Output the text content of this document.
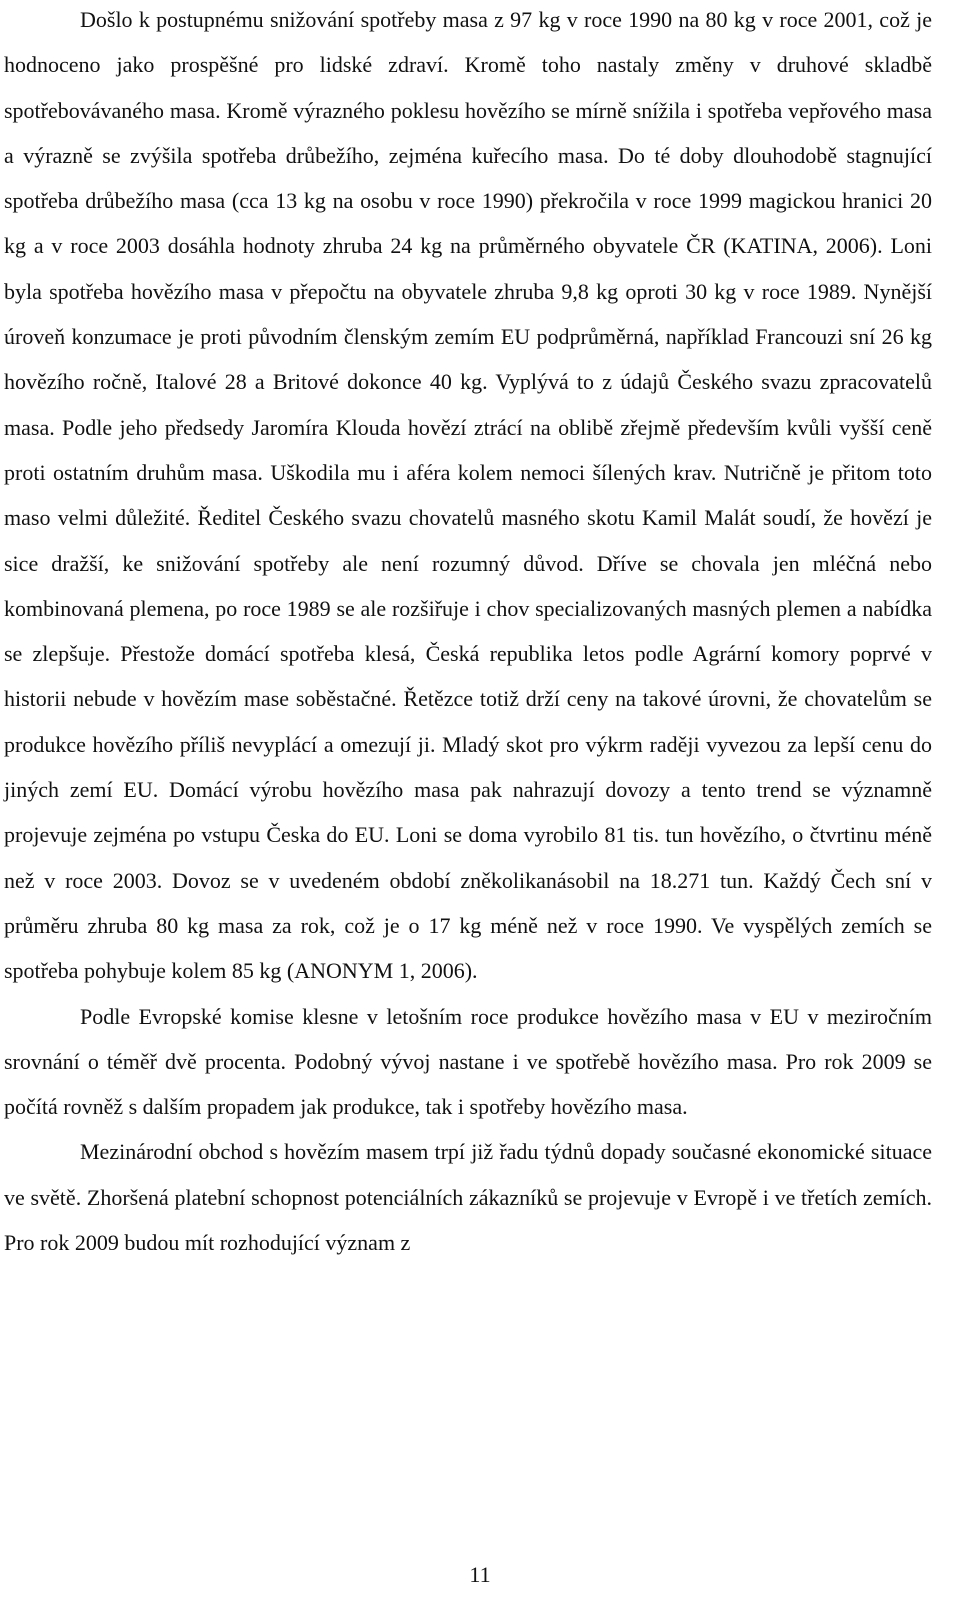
Došlo k postupnému snižování spotřeby masa z 97 kg v roce 1990 na 80 kg v roce 2001, což je hodnoceno jako prospěšné pro lidské zdraví. Kromě toho nastaly změny v druhové skladbě spotřebovávaného masa. Kromě výrazného poklesu hovězího se mírně snížila i spotřeba vepřového masa a výrazně se zvýšila spotřeba drůbežího, zejména kuřecího masa. Do té doby dlouhodobě stagnující spotřeba drůbežího masa (cca 13 kg na osobu v roce 1990) překročila v roce 1999 magickou hranici 20 kg a v roce 2003 dosáhla hodnoty zhruba 24 kg na průměrného obyvatele ČR (KATINA, 2006). Loni byla spotřeba hovězího masa v přepočtu na obyvatele zhruba 9,8 kg oproti 30 kg v roce 1989. Nynější úroveň konzumace je proti původním členským zemím EU podprůměrná, například Francouzi sní 26 kg hovězího ročně, Italové 28 a Britové dokonce 40 kg. Vyplývá to z údajů Českého svazu zpracovatelů masa. Podle jeho předsedy Jaromíra Klouda hovězí ztrácí na oblibě zřejmě především kvůli vyšší ceně proti ostatním druhům masa. Uškodila mu i aféra kolem nemoci šílených krav. Nutričně je přitom toto maso velmi důležité. Ředitel Českého svazu chovatelů masného skotu Kamil Malát soudí, že hovězí je sice dražší, ke snižování spotřeby ale není rozumný důvod. Dříve se chovala jen mléčná nebo kombinovaná plemena, po roce 1989 se ale rozšiřuje i chov specializovaných masných plemen a nabídka se zlepšuje. Přestože domácí spotřeba klesá, Česká republika letos podle Agrární komory poprvé v historii nebude v hovězím mase soběstačné. Řetězce totiž drží ceny na takové úrovni, že chovatelům se produkce hovězího příliš nevyplácí a omezují ji. Mladý skot pro výkrm raději vyvezou za lepší cenu do jiných zemí EU. Domácí výrobu hovězího masa pak nahrazují dovozy a tento trend se významně projevuje zejména po vstupu Česka do EU. Loni se doma vyrobilo 81 tis. tun hovězího, o čtvrtinu méně než v roce 2003. Dovoz se v uvedeném období zněkolikanásobil na 18.271 tun. Každý Čech sní v průměru zhruba 80 kg masa za rok, což je o 17 kg méně než v roce 1990. Ve vyspělých zemích se spotřeba pohybuje kolem 85 kg (ANONYM 1, 2006).

Podle Evropské komise klesne v letošním roce produkce hovězího masa v EU v meziročním srovnání o téměř dvě procenta. Podobný vývoj nastane i ve spotřebě hovězího masa. Pro rok 2009 se počítá rovněž s dalším propadem jak produkce, tak i spotřeby hovězího masa.

Mezinárodní obchod s hovězím masem trpí již řadu týdnů dopady současné ekonomické situace ve světě. Zhoršená platební schopnost potenciálních zákazníků se projevuje v Evropě i ve třetích zemích. Pro rok 2009 budou mít rozhodující význam z

11
